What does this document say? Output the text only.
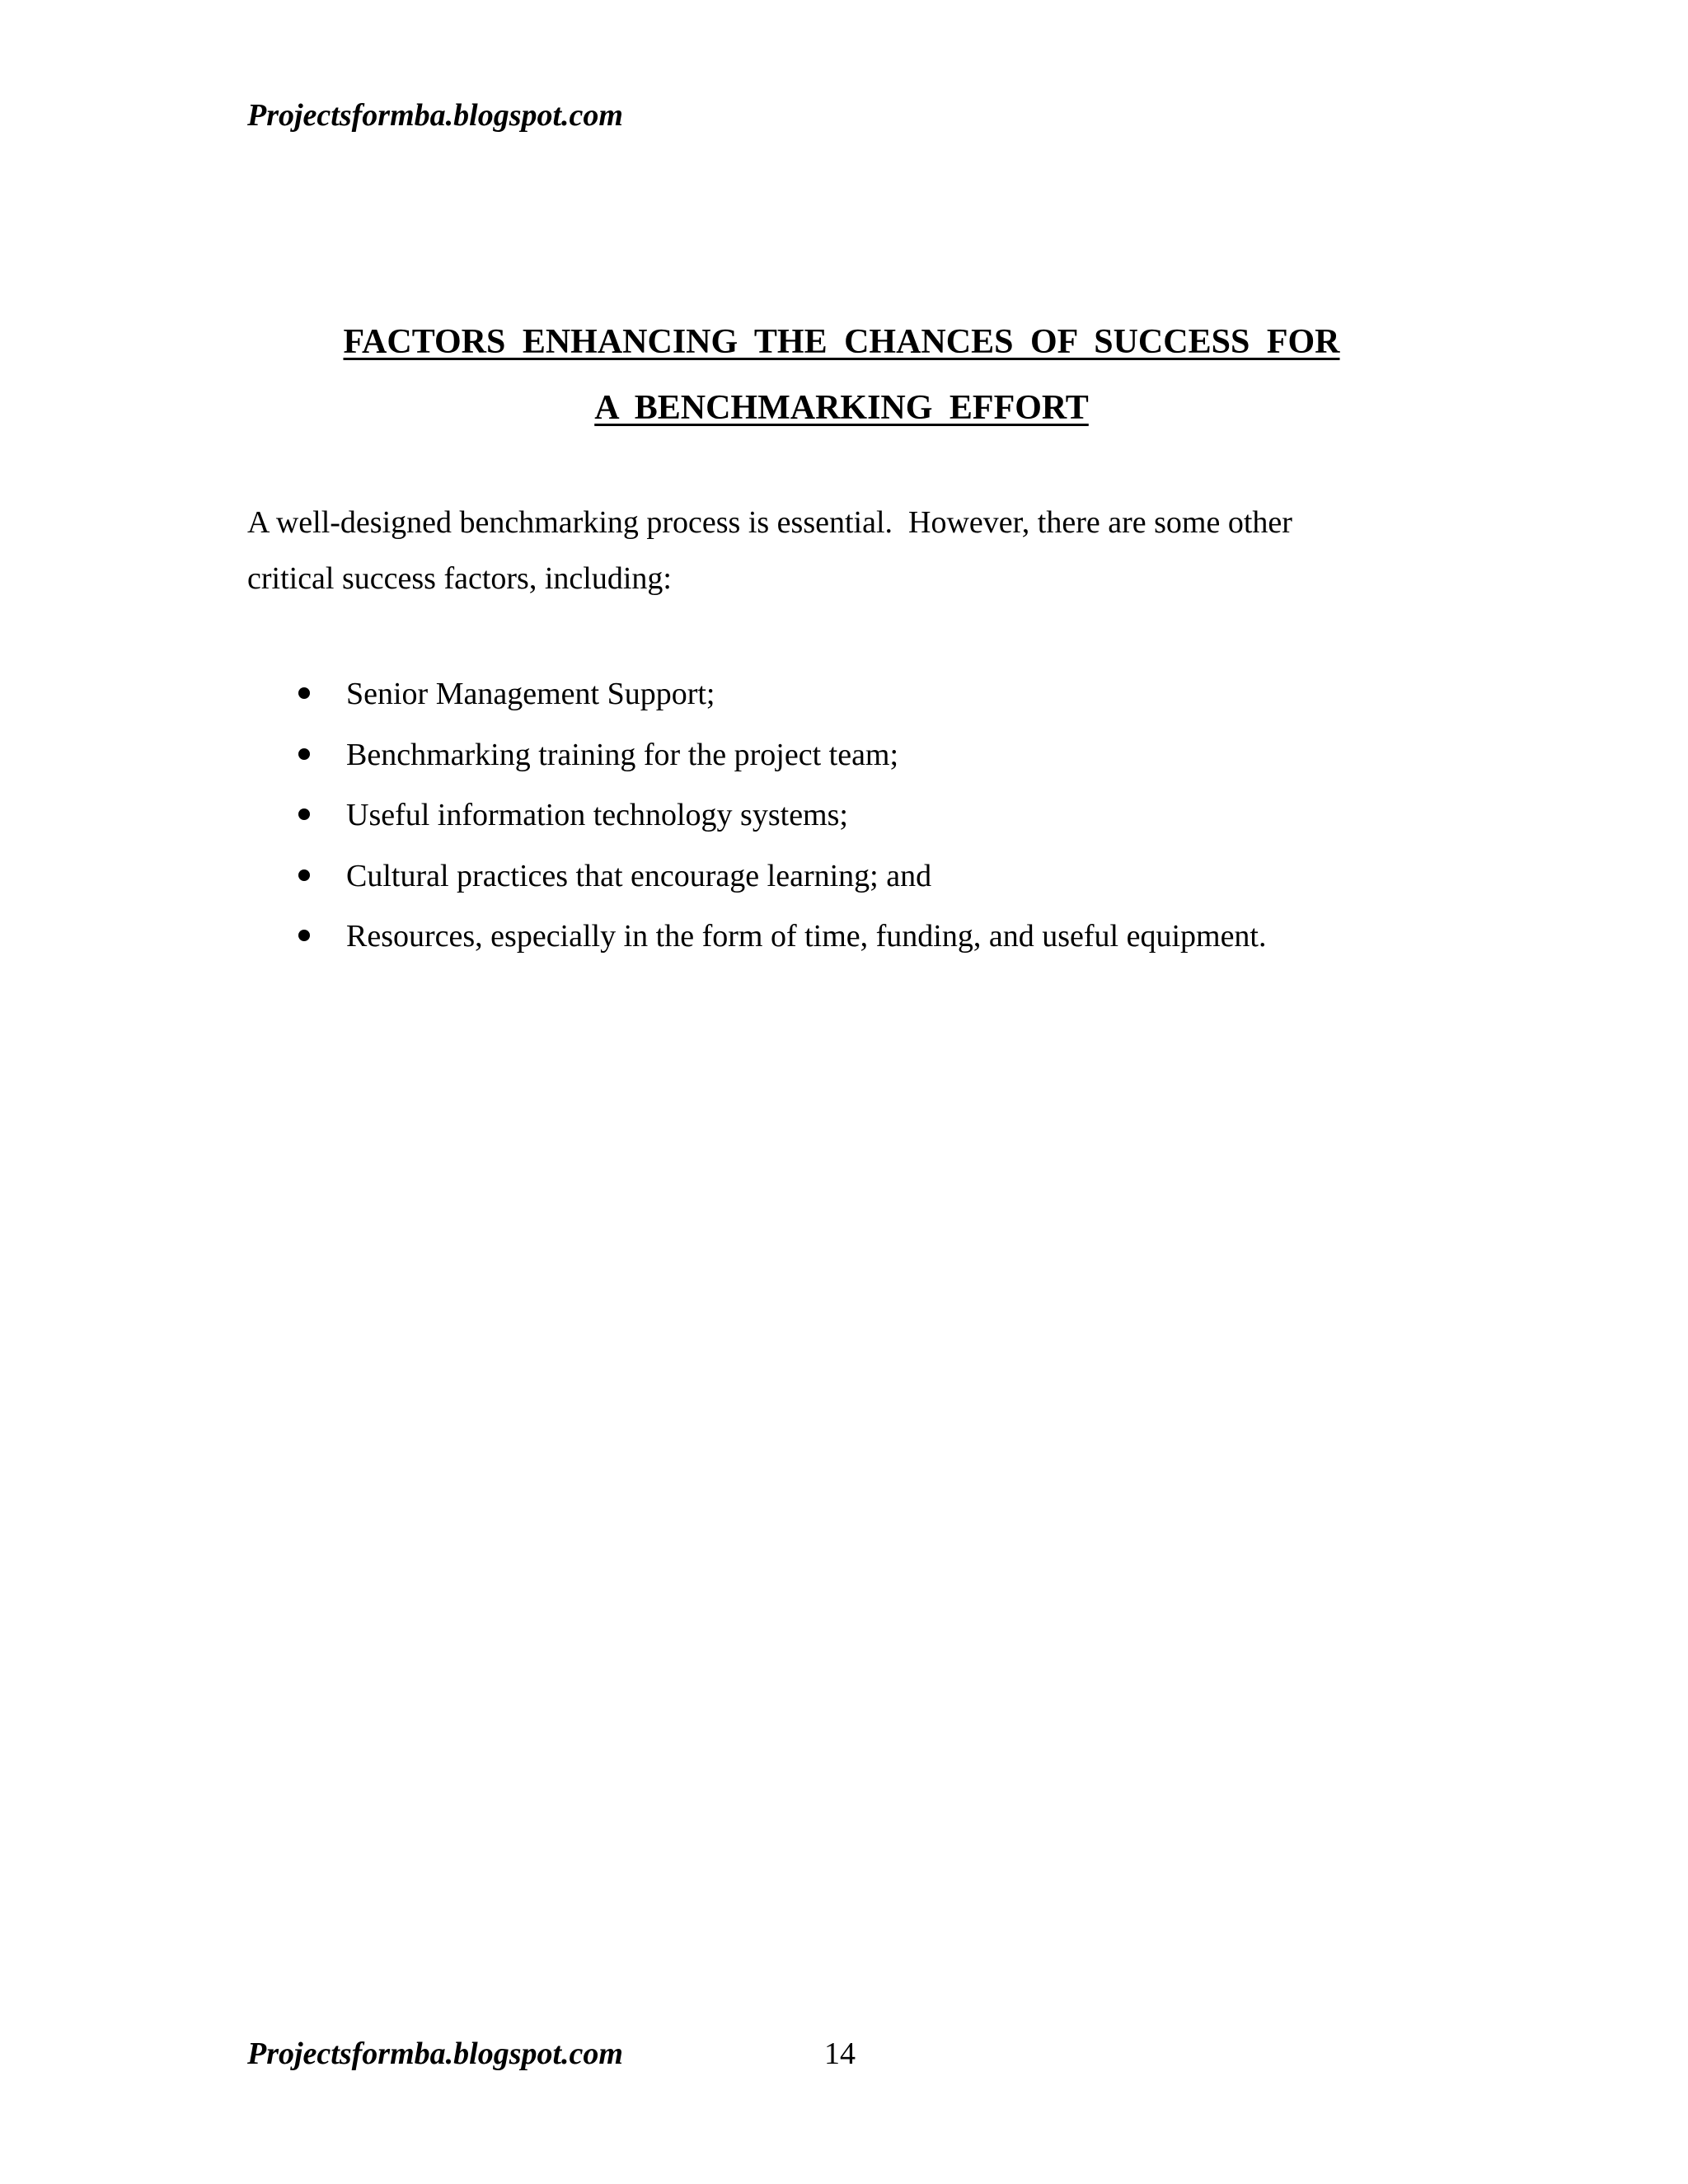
Projectsformba.blogspot.com
FACTORS ENHANCING THE CHANCES OF SUCCESS FOR
A BENCHMARKING EFFORT

A well-designed benchmarking process is essential.  However, there are some other

critical success factors, including:

Senior Management Support;
Benchmarking training for the project team;
Useful information technology systems;
Cultural practices that encourage learning; and
Resources, especially in the form of time, funding, and useful equipment.
Projectsformba.blogspot.com	14
